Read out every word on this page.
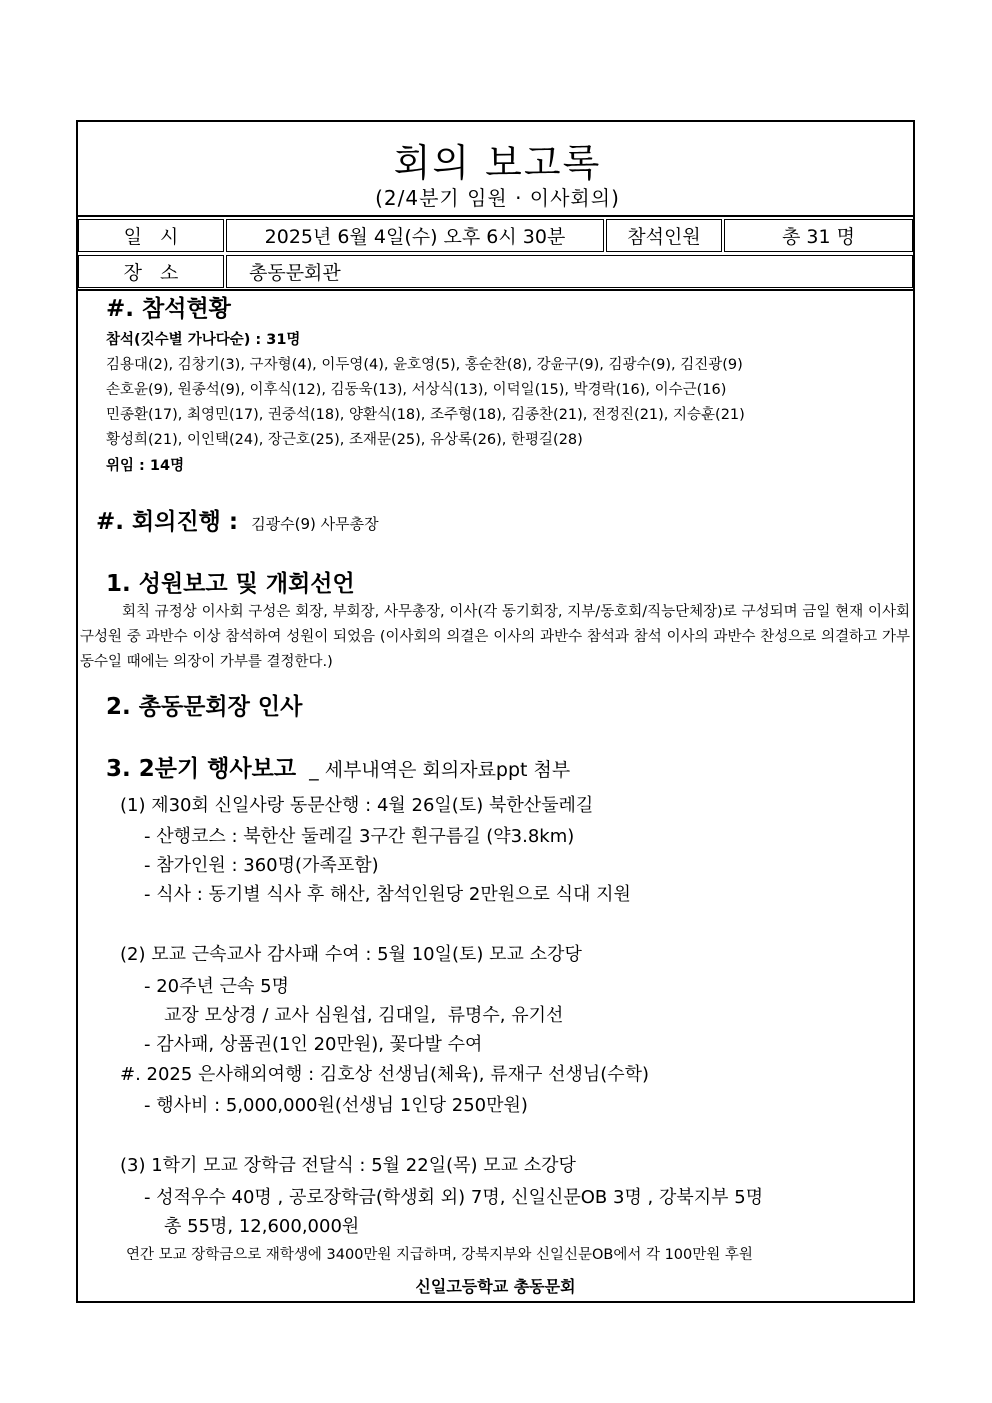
회의 보고록
(2/4분기 임원 · 이사회의)
일   시	2025년 6월 4일(수) 오후 6시 30분	참석인원	총 31 명
장   소	총동문회관
#. 참석현황
참석(깃수별 가나다순) : 31명
김용대(2), 김창기(3), 구자형(4), 이두영(4), 윤호영(5), 홍순찬(8), 강윤구(9), 김광수(9), 김진광(9)
손호윤(9), 원종석(9), 이후식(12), 김동욱(13), 서상식(13), 이덕일(15), 박경락(16), 이수근(16)
민종환(17), 최영민(17), 권중석(18), 양환식(18), 조주형(18), 김종찬(21), 전정진(21), 지승훈(21)
황성희(21), 이인택(24), 장근호(25), 조재문(25), 유상록(26), 한평길(28)
위임 : 14명
#. 회의진행 : 김광수(9) 사무총장
1. 성원보고 및 개회선언
회칙 규정상 이사회 구성은 회장, 부회장, 사무총장, 이사(각 동기회장, 지부/동호회/직능단체장)로 구성되며 금일 현재 이사회 구성원 중 과반수 이상 참석하여 성원이 되었음 (이사회의 의결은 이사의 과반수 참석과 참석 이사의 과반수 찬성으로 의결하고 가부 동수일 때에는 의장이 가부를 결정한다.)
2. 총동문회장 인사
3. 2분기 행사보고 _ 세부내역은 회의자료ppt 첨부
(1) 제30회 신일사랑 동문산행 : 4월 26일(토) 북한산둘레길
- 산행코스 : 북한산 둘레길 3구간 흰구름길 (약3.8km)
- 참가인원 : 360명(가족포함)
- 식사 : 동기별 식사 후 해산, 참석인원당 2만원으로 식대 지원
(2) 모교 근속교사 감사패 수여 : 5월 10일(토) 모교 소강당
- 20주년 근속 5명
교장 모상경 / 교사 심원섭, 김대일,  류명수, 유기선
- 감사패, 상품권(1인 20만원), 꽃다발 수여
#. 2025 은사해외여행 : 김호상 선생님(체육), 류재구 선생님(수학)
- 행사비 : 5,000,000원(선생님 1인당 250만원)
(3) 1학기 모교 장학금 전달식 : 5월 22일(목) 모교 소강당
- 성적우수 40명 , 공로장학금(학생회 외) 7명, 신일신문OB 3명 , 강북지부 5명
총 55명, 12,600,000원
연간 모교 장학금으로 재학생에 3400만원 지급하며, 강북지부와 신일신문OB에서 각 100만원 후원
신일고등학교 총동문회
